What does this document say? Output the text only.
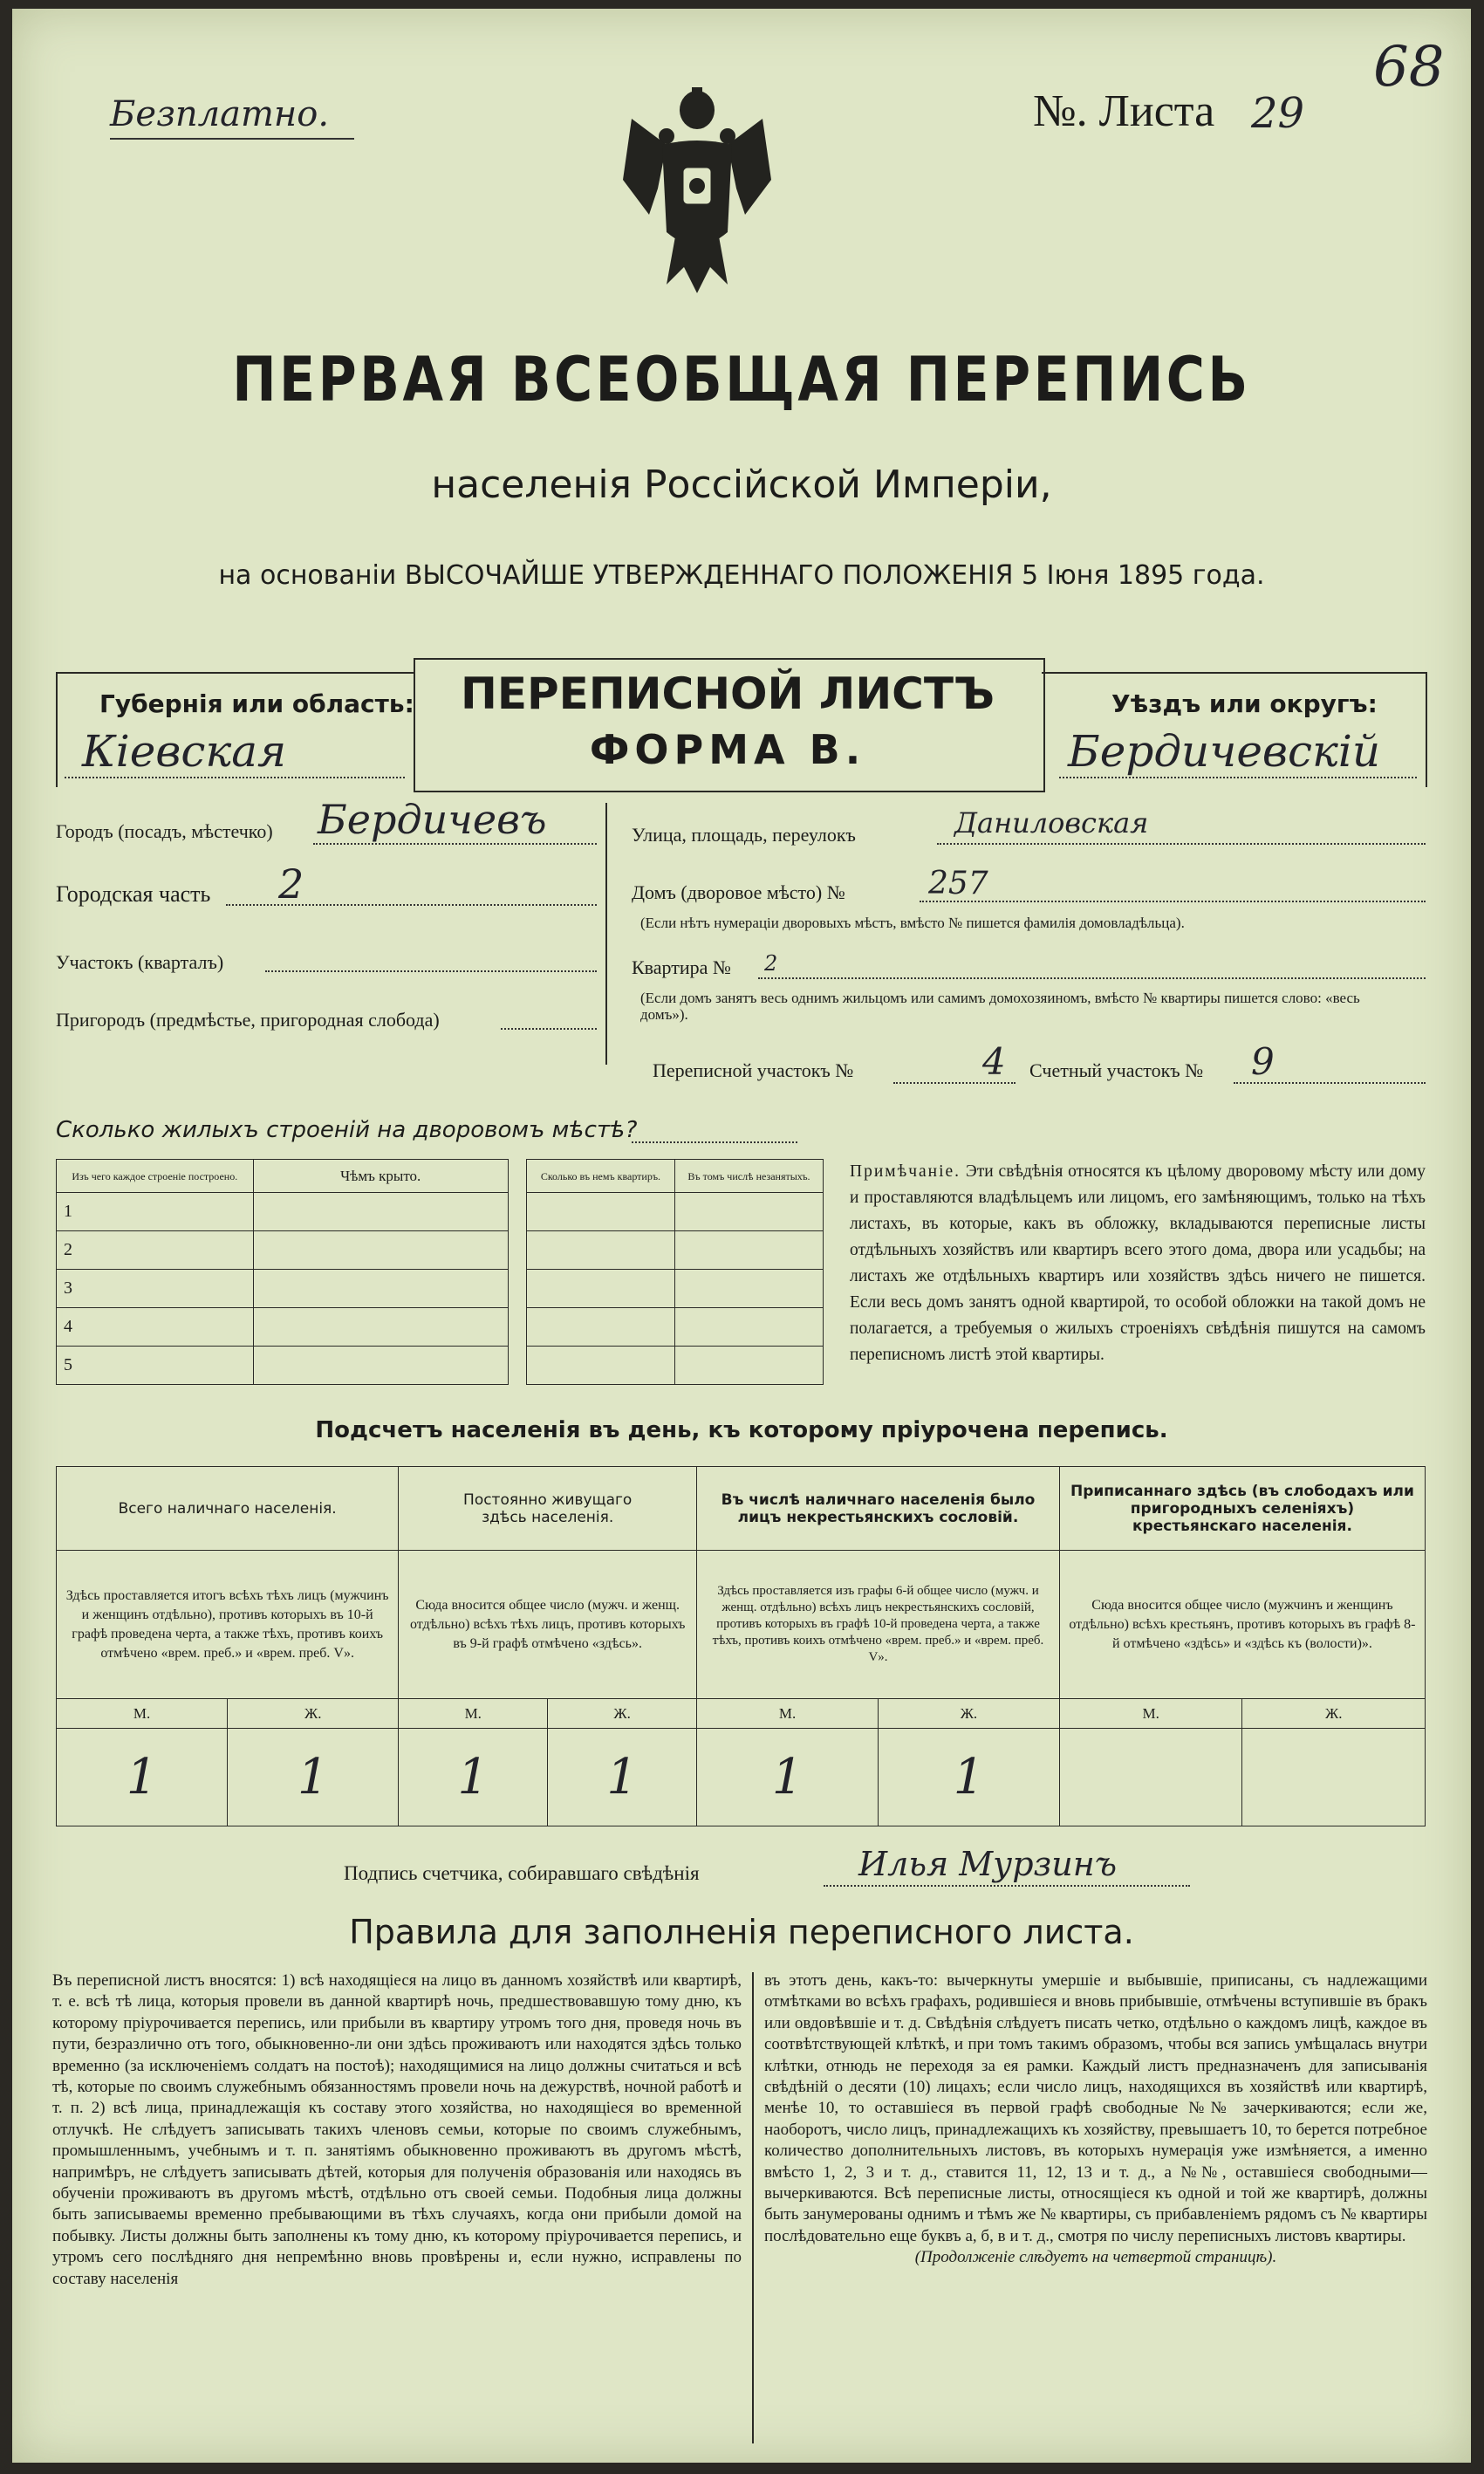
Безплатно.	№. Листа 29
68
ПЕРВАЯ ВСЕОБЩАЯ ПЕРЕПИСЬ
населенія Россійской Имперіи,
на основаніи ВЫСОЧАЙШЕ УТВЕРЖДЕННАГО ПОЛОЖЕНІЯ 5 Іюня 1895 года.
Губернія или область:
Кіевская
ПЕРЕПИСНОЙ ЛИСТЪ
ФОРМА В.
Уѣздъ или округъ:
Бердичевскій
Городъ (посадъ, мѣстечко) Бердичевъ
Городская часть 2
Участокъ (кварталъ)
Пригородъ (предмѣстье, пригородная слобода)
Улица, площадь, переулокъ	Даниловская
Домъ (дворовое мѣсто) №	257
(Если нѣтъ нумераціи дворовыхъ мѣстъ, вмѣсто № пишется фамилія домовладѣльца).
Квартира № 2
(Если домъ занятъ весь однимъ жильцомъ или самимъ домохозяиномъ, вмѣсто № квартиры пишется слово: «весь домъ»).
Переписной участокъ №	4 Счетный участокъ № 9
Сколько жилыхъ строеній на дворовомъ мѣстѣ?
Изъ чего каждое строеніе построено.	Чѣмъ крыто.		Сколько въ немъ квартиръ.	Въ томъ числѣ незанятыхъ.
1				
2				
3				
4				
5				
Примѣчаніе. Эти свѣдѣнія относятся къ цѣлому дворовому мѣсту или дому и проставляются владѣльцемъ или лицомъ, его замѣняющимъ, только на тѣхъ листахъ, въ которые, какъ въ обложку, вкладываются переписные листы отдѣльныхъ хозяйствъ или квартиръ всего этого дома, двора или усадьбы; на листахъ же отдѣльныхъ квартиръ или хозяйствъ здѣсь ничего не пишется. Если весь домъ занятъ одной квартирой, то особой обложки на такой домъ не полагается, а требуемыя о жилыхъ строеніяхъ свѣдѣнія пишутся на самомъ переписномъ листѣ этой квартиры.
Подсчетъ населенія въ день, къ которому пріурочена перепись.
Всего наличнаго населенія.		Постоянно живущаго здѣсь населенія.		Въ числѣ наличнаго населенія было лицъ некрестьянскихъ сословій.		Приписаннаго здѣсь (въ слободахъ или пригородныхъ селеніяхъ) крестьянскаго населенія.	
Здѣсь проставляется итогъ всѣхъ тѣхъ лицъ (мужчинъ и женщинъ отдѣльно), противъ которыхъ въ 10-й графѣ проведена черта, а также тѣхъ, противъ коихъ отмѣчено «врем. преб.» и «врем. преб. V».		Сюда вносится общее число (мужч. и женщ. отдѣльно) всѣхъ тѣхъ лицъ, противъ которыхъ въ 9-й графѣ отмѣчено «здѣсь».		Здѣсь проставляется изъ графы 6-й общее число (мужч. и женщ. отдѣльно) всѣхъ лицъ некрестьянскихъ сословій, противъ которыхъ въ графѣ 10-й проведена черта, а также тѣхъ, противъ коихъ отмѣчено «врем. преб.» и «врем. преб. V».		Сюда вносится общее число (мужчинъ и женщинъ отдѣльно) всѣхъ крестьянъ, противъ которыхъ въ графѣ 8-й отмѣчено «здѣсь» и «здѣсь къ (волости)».	
М.	Ж.	М.	Ж.	М.	Ж.	М.	Ж.
1	1	1	1	1	1		
Подпись счетчика, собиравшаго свѣдѣнія	Илья Мурзинъ
Правила для заполненія переписного листа.
Въ переписной листъ вносятся: 1) всѣ находящіеся на лицо въ данномъ хозяйствѣ или квартирѣ, т. е. всѣ тѣ лица, которыя провели въ данной квартирѣ ночь, предшествовавшую тому дню, къ которому пріурочивается перепись, или прибыли въ квартиру утромъ того дня, проведя ночь въ пути, безразлично отъ того, обыкновенно-ли они здѣсь проживаютъ или находятся здѣсь только временно (за исключеніемъ солдатъ на постоѣ); находящимися на лицо должны считаться и всѣ тѣ, которые по своимъ служебнымъ обязанностямъ провели ночь на дежурствѣ, ночной работѣ и т. п. 2) всѣ лица, принадлежащія къ составу этого хозяйства, но находящіеся во временной отлучкѣ. Не слѣдуетъ записывать такихъ членовъ семьи, которые по своимъ служебнымъ, промышленнымъ, учебнымъ и т. п. занятіямъ обыкновенно проживаютъ въ другомъ мѣстѣ, напримѣръ, не слѣдуетъ записывать дѣтей, которыя для полученія образованія или находясь въ обученіи проживаютъ въ другомъ мѣстѣ, отдѣльно отъ своей семьи. Подобныя лица должны быть записываемы временно пребывающими въ тѣхъ случаяхъ, когда они прибыли домой на побывку. Листы должны быть заполнены къ тому дню, къ которому пріурочивается перепись, и утромъ сего послѣдняго дня непремѣнно вновь провѣрены и, если нужно, исправлены по составу населенія
въ этотъ день, какъ-то: вычеркнуты умершіе и выбывшіе, приписаны, съ надлежащими отмѣтками во всѣхъ графахъ, родившіеся и вновь прибывшіе, отмѣчены вступившіе въ бракъ или овдовѣвшіе и т. д. Свѣдѣнія слѣдуетъ писать четко, отдѣльно о каждомъ лицѣ, каждое въ соотвѣтствующей клѣткѣ, и при томъ такимъ образомъ, чтобы вся запись умѣщалась внутри клѣтки, отнюдь не переходя за ея рамки. Каждый листъ предназначенъ для записыванія свѣдѣній о десяти (10) лицахъ; если число лицъ, находящихся въ хозяйствѣ или квартирѣ, менѣе 10, то оставшіеся въ первой графѣ свободные №№ зачеркиваются; если же, наоборотъ, число лицъ, принадлежащихъ къ хозяйству, превышаетъ 10, то берется потребное количество дополнительныхъ листовъ, въ которыхъ нумерація уже измѣняется, а именно вмѣсто 1, 2, 3 и т. д., ставится 11, 12, 13 и т. д., а №№, оставшіеся свободными—вычеркиваются. Всѣ переписные листы, относящіеся къ одной и той же квартирѣ, должны быть занумерованы однимъ и тѣмъ же № квартиры, съ прибавленіемъ рядомъ съ № квартиры послѣдовательно еще буквъ а, б, в и т. д., смотря по числу переписныхъ листовъ квартиры.
(Продолженіе слѣдуетъ на четвертой страницѣ).
